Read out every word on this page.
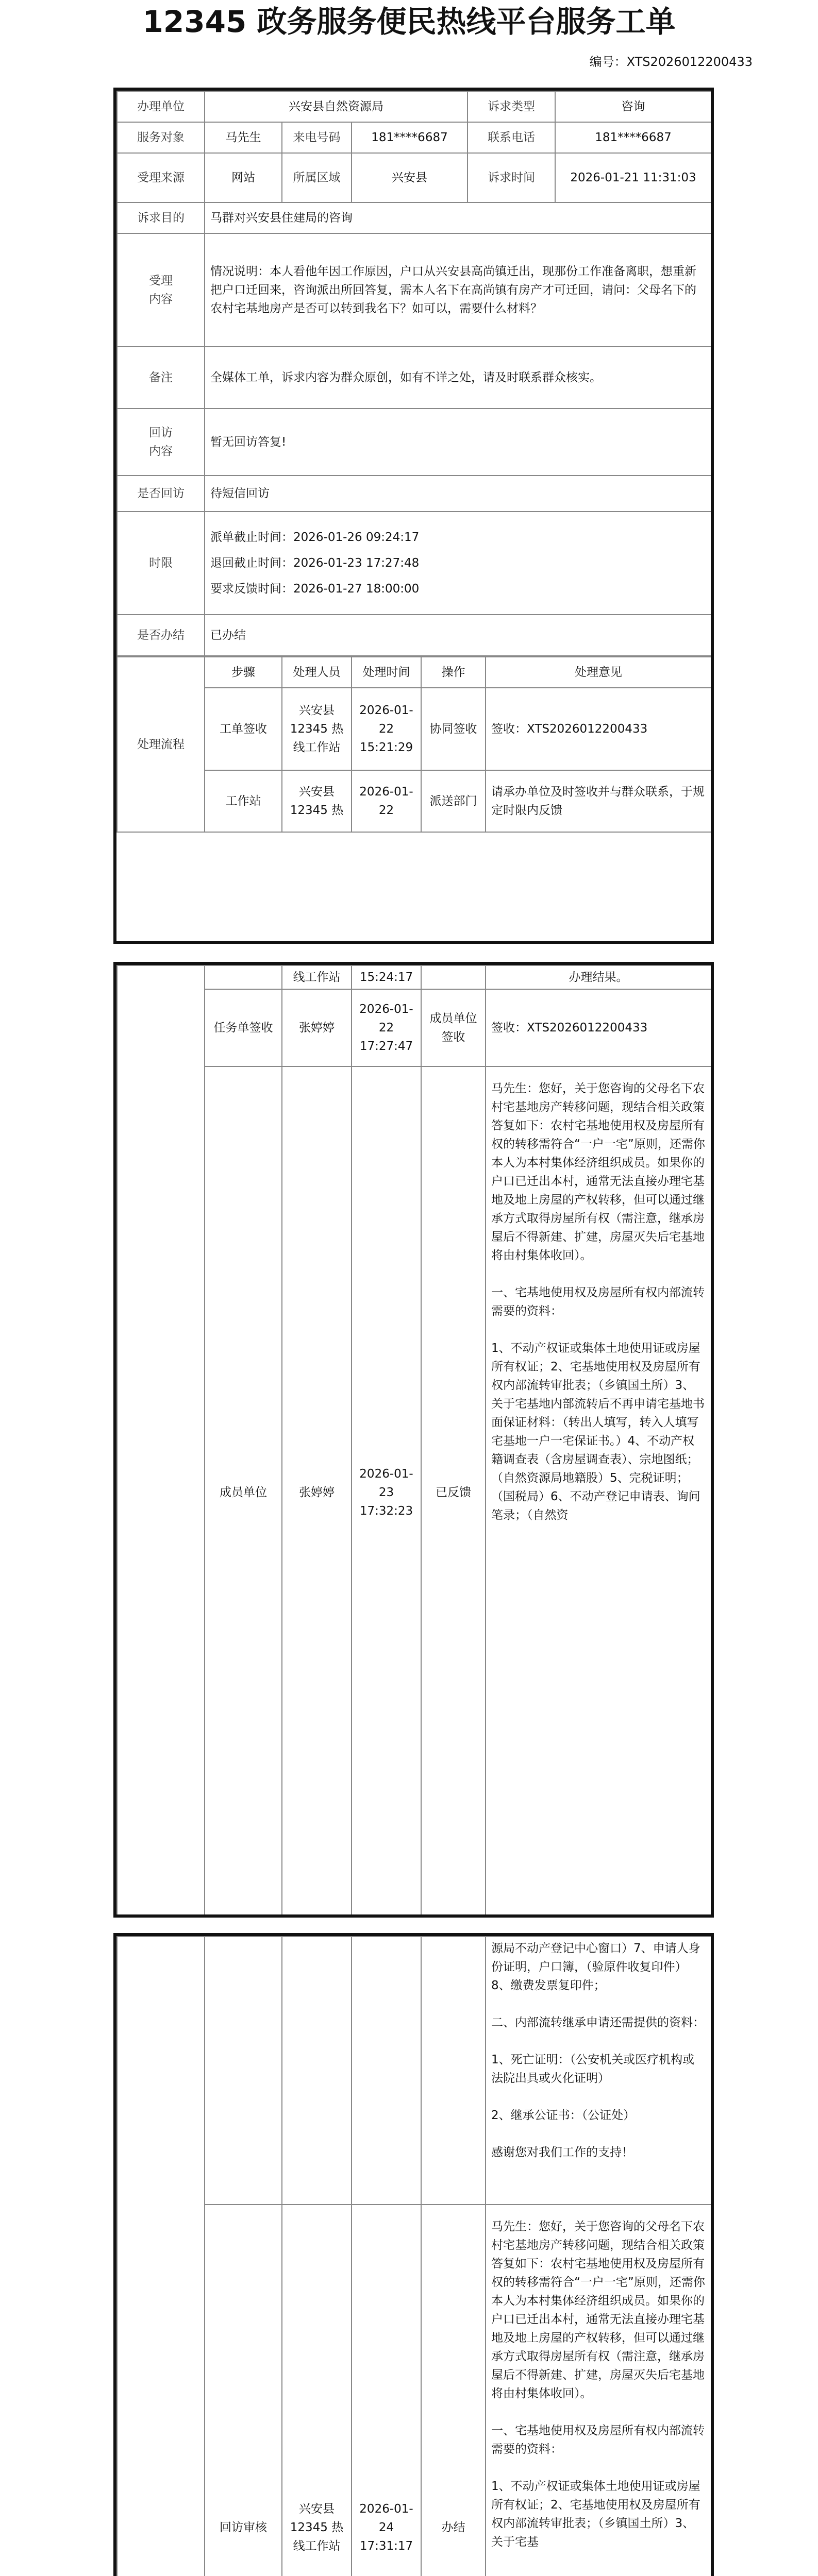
12345 政务服务便民热线平台服务工单
编号：XTS2026012200433
办理单位	兴安县自然资源局			诉求类型	咨询
服务对象	马先生	来电号码	181****6687	联系电话	181****6687
受理来源	网站	所属区域	兴安县	诉求时间	2026-01-21 11:31:03
诉求目的	马群对兴安县住建局的咨询				
受理
内容	情况说明：本人看他年因工作原因，户口从兴安县高尚镇迁出，现那份工作准备离职，想重新把户口迁回来，咨询派出所回答复，需本人名下在高尚镇有房产才可迁回，请问：父母名下的农村宅基地房产是否可以转到我名下？如可以，需要什么材料？				
备注	全媒体工单，诉求内容为群众原创，如有不详之处，请及时联系群众核实。				
回访
内容	暂无回访答复!				
是否回访	待短信回访				
时限	派单截止时间：2026-01-26 09:24:17
退回截止时间：2026-01-23 17:27:48
要求反馈时间：2026-01-27 18:00:00				

是否办结	已办结				
处理流程	步骤	处理人员	处理时间	操作	处理意见
	工单签收	兴安县12345 热线工作站	2026-01-22 15:21:29	协同签收	签收：XTS2026012200433
	工作站	兴安县12345 热	2026-01-22	派送部门	请承办单位及时签收并与群众联系，于规定时限内反馈
		线工作站	15:24:17		办理结果。
	任务单签收	张婷婷	2026-01-22 17:27:47	成员单位签收	签收：XTS2026012200433
	成员单位	张婷婷	2026-01-23 17:32:23	已反馈	马先生：您好，关于您咨询的父母名下农村宅基地房产转移问题，现结合相关政策答复如下：农村宅基地使用权及房屋所有权的转移需符合“一户一宅”原则，还需你本人为本村集体经济组织成员。如果你的户口已迁出本村，通常无法直接办理宅基地及地上房屋的产权转移，但可以通过继承方式取得房屋所有权（需注意，继承房屋后不得新建、扩建，房屋灭失后宅基地将由村集体收回）。

一、宅基地使用权及房屋所有权内部流转需要的资料：

1、不动产权证或集体土地使用证或房屋所有权证；2、宅基地使用权及房屋所有权内部流转审批表；（乡镇国土所）3、关于宅基地内部流转后不再申请宅基地书面保证材料：（转出人填写，转入人填写宅基地一户一宅保证书。）4、不动产权籍调查表（含房屋调查表）、宗地图纸；（自然资源局地籍股）5、完税证明；（国税局）6、不动产登记申请表、询问笔录；（自然资
					源局不动产登记中心窗口）7、申请人身份证明，户口簿，（验原件收复印件）8、缴费发票复印件；

二、内部流转继承申请还需提供的资料：

1、死亡证明：（公安机关或医疗机构或法院出具或火化证明）

2、继承公证书：（公证处）

感谢您对我们工作的支持！
	回访审核	兴安县12345 热线工作站	2026-01-24 17:31:17	办结	马先生：您好，关于您咨询的父母名下农村宅基地房产转移问题，现结合相关政策答复如下：农村宅基地使用权及房屋所有权的转移需符合“一户一宅”原则，还需你本人为本村集体经济组织成员。如果你的户口已迁出本村，通常无法直接办理宅基地及地上房屋的产权转移，但可以通过继承方式取得房屋所有权（需注意，继承房屋后不得新建、扩建，房屋灭失后宅基地将由村集体收回）。

一、宅基地使用权及房屋所有权内部流转需要的资料：

1、不动产权证或集体土地使用证或房屋所有权证；2、宅基地使用权及房屋所有权内部流转审批表；（乡镇国土所）3、关于宅基
